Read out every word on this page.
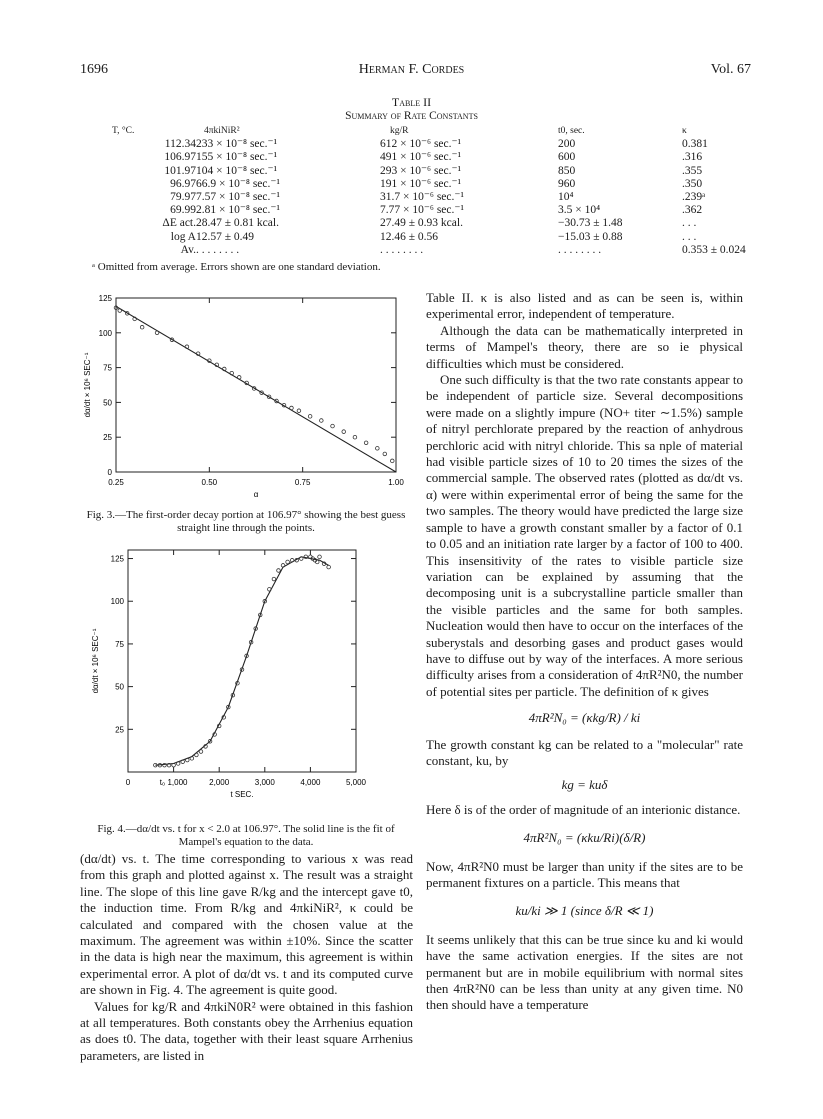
1696	Herman F. Cordes	Vol. 67
Table II
Summary of Rate Constants
T, °C.	4πkiNiR²	kg/R	t0, sec.	κ
112.34	233 × 10⁻⁸ sec.⁻¹	612 × 10⁻⁶ sec.⁻¹	200	0.381
106.97	155 × 10⁻⁸ sec.⁻¹	491 × 10⁻⁶ sec.⁻¹	600	.316
101.97	104 × 10⁻⁸ sec.⁻¹	293 × 10⁻⁶ sec.⁻¹	850	.355
96.97	66.9 × 10⁻⁸ sec.⁻¹	191 × 10⁻⁶ sec.⁻¹	960	.350
79.97	7.57 × 10⁻⁸ sec.⁻¹	31.7 × 10⁻⁶ sec.⁻¹	10⁴	.239ᵃ
69.99	2.81 × 10⁻⁸ sec.⁻¹	7.77 × 10⁻⁶ sec.⁻¹	3.5 × 10⁴	.362
ΔE act.	28.47 ± 0.81 kcal.	27.49 ± 0.93 kcal.	−30.73 ± 1.48	. . .
log A	12.57 ± 0.49	12.46 ± 0.56	−15.03 ± 0.88	. . .
Av.	. . . . . . . .	. . . . . . . .	. . . . . . . .	0.353 ± 0.024
ᵃ Omitted from average. Errors shown are one standard deviation.
0.25	0.50	0.75	1.00
0
25
50
75
100
125
α
dα/dt × 10⁶ SEC⁻¹
Fig. 3.—The first-order decay portion at 106.97° showing the best guess straight line through the points.
0	t₀ 1,000	2,000	3,000	4,000	5,000
25
50
75
100
125
t SEC.
dα/dt × 10⁶ SEC⁻¹
Fig. 4.—dα/dt vs. t for x < 2.0 at 106.97°. The solid line is the fit of Mampel's equation to the data.

(dα/dt) vs. t. The time corresponding to various x was read from this graph and plotted against x. The result was a straight line. The slope of this line gave R/kg and the intercept gave t0, the induction time. From R/kg and 4πkiNiR², κ could be calculated and compared with the chosen value at the maximum. The agreement was within ±10%. Since the scatter in the data is high near the maximum, this agreement is within experimental error. A plot of dα/dt vs. t and its computed curve are shown in Fig. 4. The agreement is quite good.

Values for kg/R and 4πkiN0R² were obtained in this fashion at all temperatures. Both constants obey the Arrhenius equation as does t0. The data, together with their least square Arrhenius parameters, are listed in

Table II. κ is also listed and as can be seen is, within experimental error, independent of temperature.

Although the data can be mathematically interpreted in terms of Mampel's theory, there are so ie physical difficulties which must be considered.

One such difficulty is that the two rate constants appear to be independent of particle size. Several decompositions were made on a slightly impure (NO+ titer ∼1.5%) sample of nitryl perchlorate prepared by the reaction of anhydrous perchloric acid with nitryl chloride. This sa nple of material had visible particle sizes of 10 to 20 times the sizes of the commercial sample. The observed rates (plotted as dα/dt vs. α) were within experimental error of being the same for the two samples. The theory would have predicted the large size sample to have a growth constant smaller by a factor of 0.1 to 0.05 and an initiation rate larger by a factor of 100 to 400. This insensitivity of the rates to visible particle size variation can be explained by assuming that the decomposing unit is a subcrystalline particle smaller than the visible particles and the same for both samples. Nucleation would then have to occur on the interfaces of the suberystals and desorbing gases and product gases would have to diffuse out by way of the interfaces. A more serious difficulty arises from a consideration of 4πR²N0, the number of potential sites per particle. The definition of κ gives

4πR²N₀ = (κkg/R) / ki

The growth constant kg can be related to a "molecular" rate constant, ku, by

kg = kuδ

Here δ is of the order of magnitude of an interionic distance.

4πR²N₀ = (κku/Ri)(δ/R)

Now, 4πR²N0 must be larger than unity if the sites are to be permanent fixtures on a particle. This means that

ku/ki ≫ 1 (since δ/R ≪ 1)

It seems unlikely that this can be true since ku and ki would have the same activation energies. If the sites are not permanent but are in mobile equilibrium with normal sites then 4πR²N0 can be less than unity at any given time. N0 then should have a temperature
